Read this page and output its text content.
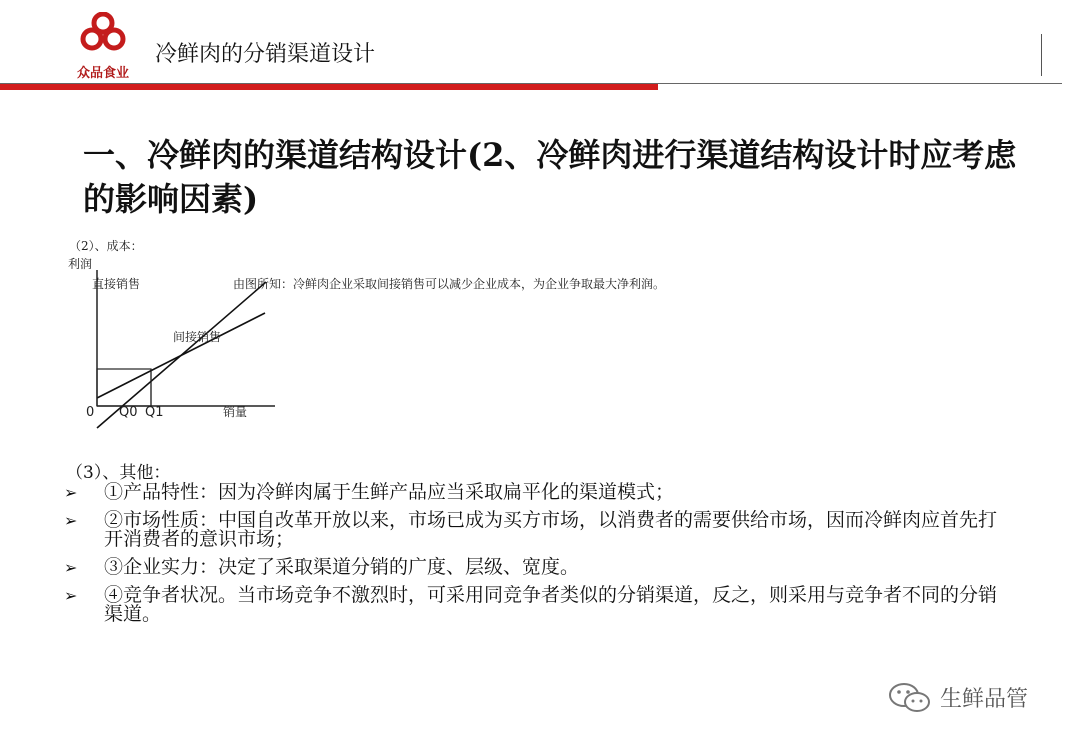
众品食业
冷鲜肉的分销渠道设计
一、冷鲜肉的渠道结构设计(2、冷鲜肉进行渠道结构设计时应考虑的影响因素)
（2）、成本：
利润
直接销售
间接销售
由图所知：冷鲜肉企业采取间接销售可以减少企业成本，为企业争取最大净利润。
0 Q0 Q1	销量
（3）、其他：
➢ ①产品特性：因为冷鲜肉属于生鲜产品应当采取扁平化的渠道模式；
➢ ②市场性质：中国自改革开放以来，市场已成为买方市场，以消费者的需要供给市场，因而冷鲜肉应首先打开消费者的意识市场；
➢ ③企业实力：决定了采取渠道分销的广度、层级、宽度。
➢ ④竞争者状况。当市场竞争不激烈时，可采用同竞争者类似的分销渠道，反之，则采用与竞争者不同的分销渠道。
生鲜品管
